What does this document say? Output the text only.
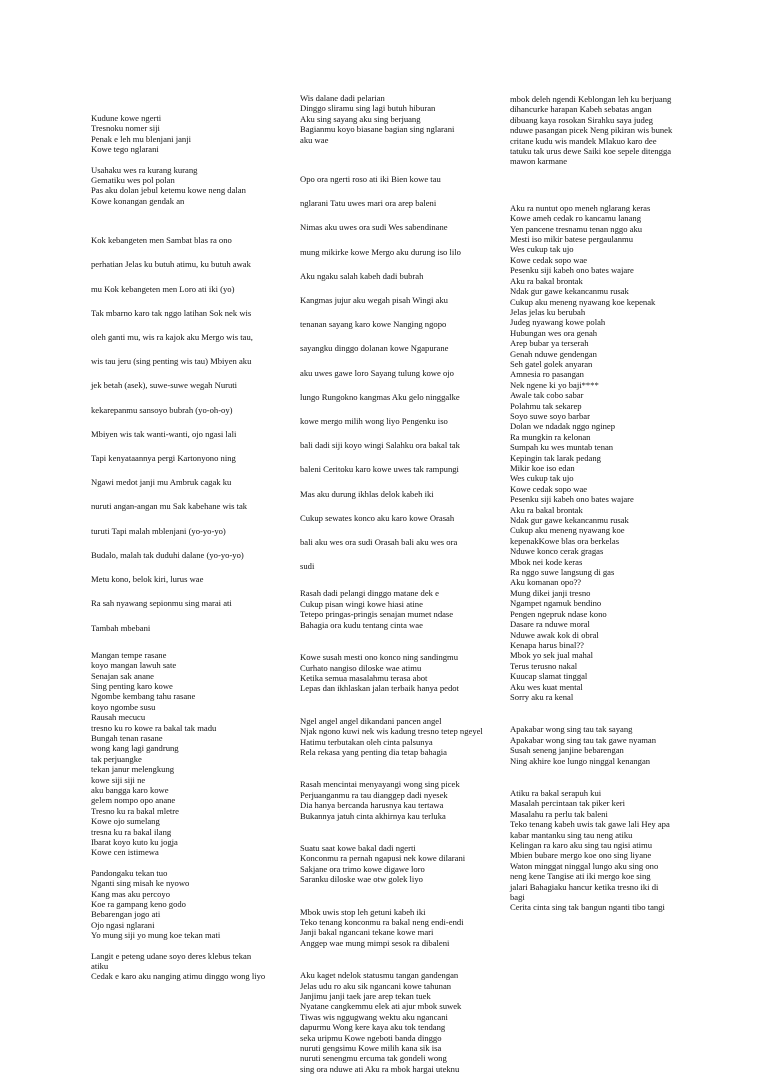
Kudune kowe ngerti
Tresnoku nomer siji
Penak e leh mu blenjani janji
Kowe tego nglarani
Usahaku wes ra kurang kurang
Gematiku wes pol polan
Pas aku dolan jebul ketemu kowe neng dalan
Kowe konangan gendak an
Kok kebangeten men Sambat blas ra ono
perhatian Jelas ku butuh atimu, ku butuh awak
mu Kok kebangeten men Loro ati iki (yo)
Tak mbarno karo tak nggo latihan Sok nek wis
oleh ganti mu, wis ra kajok aku Mergo wis tau,
wis tau jeru (sing penting wis tau) Mbiyen aku
jek betah (asek), suwe-suwe wegah Nuruti
kekarepanmu sansoyo bubrah (yo-oh-oy)
Mbiyen wis tak wanti-wanti, ojo ngasi lali
Tapi kenyataannya pergi Kartonyono ning
Ngawi medot janji mu Ambruk cagak ku
nuruti angan-angan mu Sak kabehane wis tak
turuti Tapi malah mblenjani (yo-yo-yo)
Budalo, malah tak duduhi dalane (yo-yo-yo)
Metu kono, belok kiri, lurus wae
Ra sah nyawang sepionmu sing marai ati
Tambah mbebani
Mangan tempe rasane
koyo mangan lawuh sate
Senajan sak anane
Sing penting karo kowe
Ngombe kembang tahu rasane
koyo ngombe susu
Rausah mecucu
tresno ku ro kowe ra bakal tak madu
Bungah tenan rasane
wong kang lagi gandrung
tak perjuangke
tekan janur melengkung
kowe siji siji ne
aku bangga karo kowe
gelem nompo opo anane
Tresno ku ra bakal mletre
Kowe ojo sumelang
tresna ku ra bakal ilang
Ibarat koyo kuto ku jogja
Kowe cen istimewa
Pandongaku tekan tuo
Nganti sing misah ke nyowo
Kang mas aku percoyo
Koe ra gampang keno godo
Bebarengan jogo ati
Ojo ngasi nglarani
Yo mung siji yo mung koe tekan mati
Langit e peteng udane soyo deres klebus tekan atiku
Cedak e karo aku nanging atimu dinggo wong liyo
Wis dalane dadi pelarian
Dinggo sliramu sing lagi butuh hiburan
Aku sing sayang aku sing berjuang
Bagianmu koyo biasane bagian sing nglarani
aku wae
Opo ora ngerti roso ati iki Bien kowe tau
nglarani Tatu uwes mari ora arep baleni
Nimas aku uwes ora sudi Wes sabendinane
mung mikirke kowe Mergo aku durung iso lilo
Aku ngaku salah kabeh dadi bubrah
Kangmas jujur aku wegah pisah Wingi aku
tenanan sayang karo kowe Nanging ngopo
sayangku dinggo dolanan kowe Ngapurane
aku uwes gawe loro Sayang tulung kowe ojo
lungo Rungokno kangmas Aku gelo ninggalke
kowe mergo milih wong liyo Pengenku iso
bali dadi siji koyo wingi Salahku ora bakal tak
baleni Ceritoku karo kowe uwes tak rampungi
Mas aku durung ikhlas delok kabeh iki
Cukup sewates konco aku karo kowe Orasah
bali aku wes ora sudi Orasah bali aku wes ora
sudi
Rasah dadi pelangi dinggo matane dek e
Cukup pisan wingi kowe hiasi atine
Tetepo pringas-pringis senajan mumet ndase
Bahagia ora kudu tentang cinta wae
Kowe susah mesti ono konco ning sandingmu
Curhato nangiso diloske wae atimu
Ketika semua masalahmu terasa abot
Lepas dan ikhlaskan jalan terbaik hanya pedot
Ngel angel angel dikandani pancen angel
Njak ngono kuwi nek wis kadung tresno tetep ngeyel
Hatimu terbutakan oleh cinta palsunya
Rela rekasa yang penting dia tetap bahagia
Rasah mencintai menyayangi wong sing picek
Perjuanganmu ra tau dianggep dadi nyesek
Dia hanya bercanda harusnya kau tertawa
Bukannya jatuh cinta akhirnya kau terluka
Suatu saat kowe bakal dadi ngerti
Konconmu ra pernah ngapusi nek kowe dilarani
Sakjane ora trimo kowe digawe loro
Saranku diloske wae otw golek liyo
Mbok uwis stop leh getuni kabeh iki
Teko tenang konconmu ra bakal neng endi-endi
Janji bakal ngancani tekane kowe mari
Anggep wae mung mimpi sesok ra dibaleni
Aku kaget ndelok statusmu tangan gandengan
Jelas udu ro aku sik ngancani kowe tahunan
Janjimu janji taek jare arep tekan tuek
Nyatane cangkemmu elek ati ajur mbok suwek
Tiwas wis nggugwang wektu aku ngancani
dapurmu Wong kere kaya aku tok tendang
seka uripmu Kowe ngeboti banda dinggo
nuruti gengsimu Kowe milih kana sik isa
nuruti senengmu ercuma tak gondeli wong
sing ora nduwe ati Aku ra mbok hargai uteknu
mbok deleh ngendi Keblongan leh ku berjuang
dihancurke harapan Kabeh sebatas angan
dibuang kaya rosokan Sirahku saya judeg
nduwe pasangan picek Neng pikiran wis bunek
critane kudu wis mandek Mlakuo karo dee
tatuku tak urus dewe Saiki koe sepele ditengga
mawon karmane
Aku ra nuntut opo meneh nglarang keras
Kowe ameh cedak ro kancamu lanang
Yen pancene tresnamu tenan nggo aku
Mesti iso mikir batese pergaulanmu
Wes cukup tak ujo
Kowe cedak sopo wae
Pesenku siji kabeh ono bates wajare
Aku ra bakal brontak
Ndak gur gawe kekancanmu rusak
Cukup aku meneng nyawang koe kepenak
Jelas jelas ku berubah
Judeg nyawang kowe polah
Hubungan wes ora genah
Arep bubar ya terserah
Genah nduwe gendengan
Seh gatel golek anyaran
Amnesia ro pasangan
Nek ngene ki yo baji****
Awale tak cobo sabar
Polahmu tak sekarep
Soyo suwe soyo barbar
Dolan we ndadak nggo nginep
Ra mungkin ra kelonan
Sumpah ku wes muntab tenan
Kepingin tak larak pedang
Mikir koe iso edan
Wes cukup tak ujo
Kowe cedak sopo wae
Pesenku siji kabeh ono bates wajare
Aku ra bakal brontak
Ndak gur gawe kekancanmu rusak
Cukup aku meneng nyawang koe
kepenakKowe blas ora berkelas
Nduwe konco cerak gragas
Mbok nei kode keras
Ra nggo suwe langsung di gas
Aku komanan opo??
Mung dikei janji tresno
Ngampet ngamuk bendino
Pengen ngepruk ndase kono
Dasare ra nduwe moral
Nduwe awak kok di obral
Kenapa harus binal??
Mbok yo sek jual mahal
Terus terusno nakal
Kuucap slamat tinggal
Aku wes kuat mental
Sorry aku ra kenal
Apakabar wong sing tau tak sayang
Apakabar wong sing tau tak gawe nyaman
Susah seneng janjine bebarengan
Ning akhire koe lungo ninggal kenangan
Atiku ra bakal serapuh kui
Masalah percintaan tak piker keri
Masalahu ra perlu tak baleni
Teko tenang kabeh uwis tak gawe lali Hey apa
kabar mantanku sing tau neng atiku
Kelingan ra karo aku sing tau ngisi atimu
Mbien bubare mergo koe ono sing liyane
Waton minggat ninggal lungo aku sing ono
neng kene Tangise ati iki mergo koe sing
jalari Bahagiaku hancur ketika tresno iki di
bagi
Cerita cinta sing tak bangun nganti tibo tangi
